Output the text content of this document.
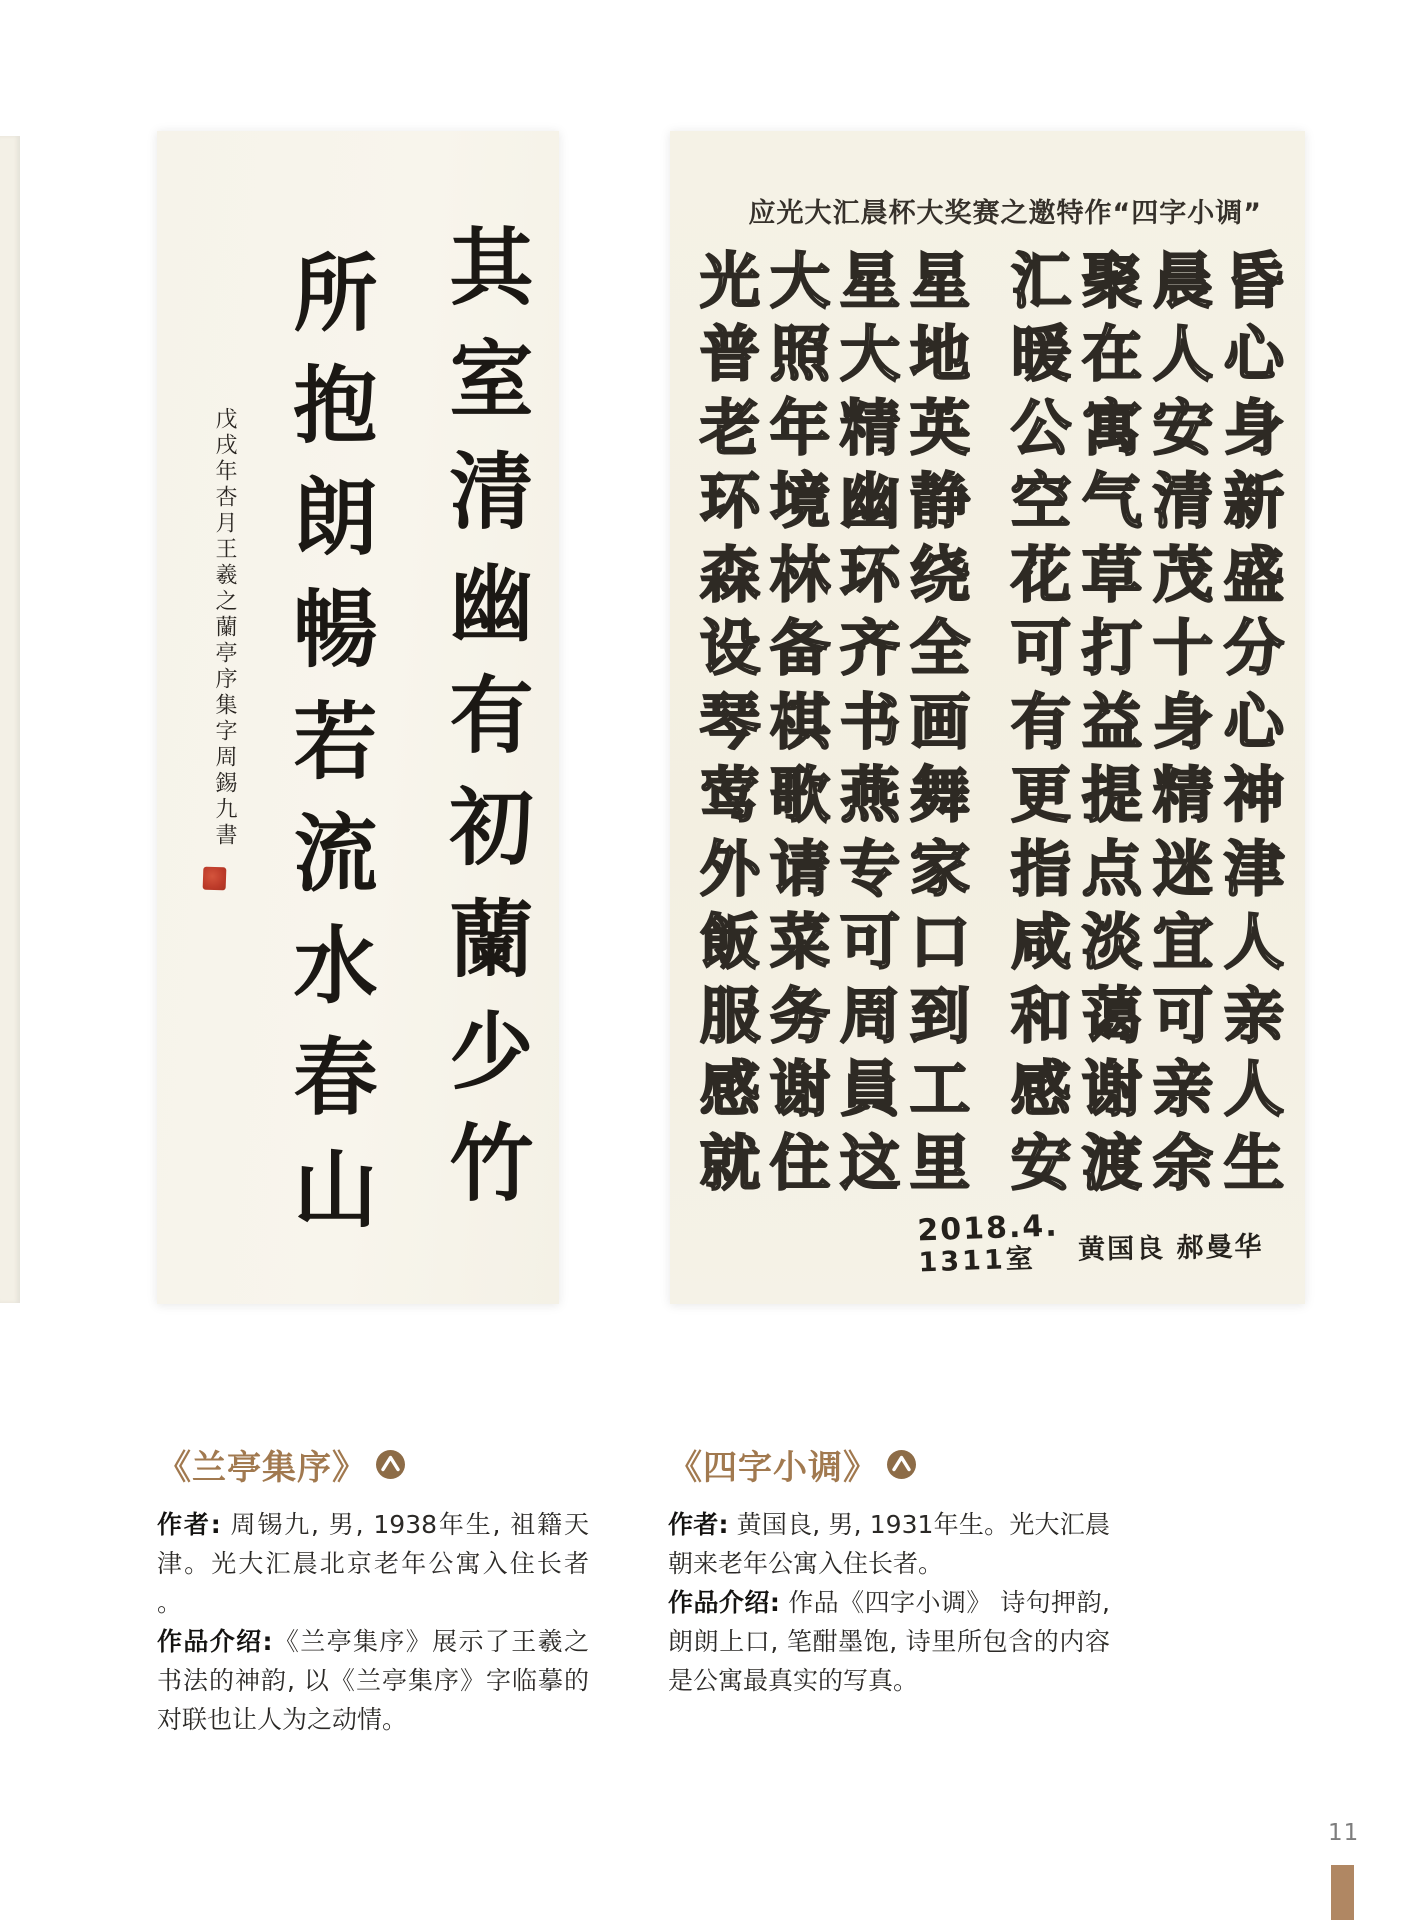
其室清幽有初蘭少竹
所抱朗暢若流水春山
戊戌年杏月王羲之蘭亭序集字周錫九書
应光大汇晨杯大奖赛之邀特作“四字小调”
光 大 星 星 汇 聚 晨 昏
普 照 大 地 暖 在 人 心
老 年 精 英 公 寓 安 身
环 境 幽 静 空 气 清 新
森 林 环 绕 花 草 茂 盛
设 备 齐 全 可 打 十 分
琴 棋 书 画 有 益 身 心
莺 歌 燕 舞 更 提 精 神
外 请 专 家 指 点 迷 津
飯 菜 可 口 咸 淡 宜 人
服 务 周 到 和 蔼 可 亲
感 谢 員 工 感 谢 亲 人
就 住 这 里 安 渡 余 生
2018.4.
1311室	黄国良 郝曼华
《兰亭集序》
作者: 周锡九, 男, 1938年生, 祖籍天津。光大汇晨北京老年公寓入住长者 。
作品介绍:《兰亭集序》展示了王羲之书法的神韵, 以《兰亭集序》字临摹的对联也让人为之动情。
《四字小调》
作者: 黄国良, 男, 1931年生。光大汇晨朝来老年公寓入住长者。
作品介绍: 作品《四字小调》 诗句押韵, 朗朗上口, 笔酣墨饱, 诗里所包含的内容是公寓最真实的写真。
11
